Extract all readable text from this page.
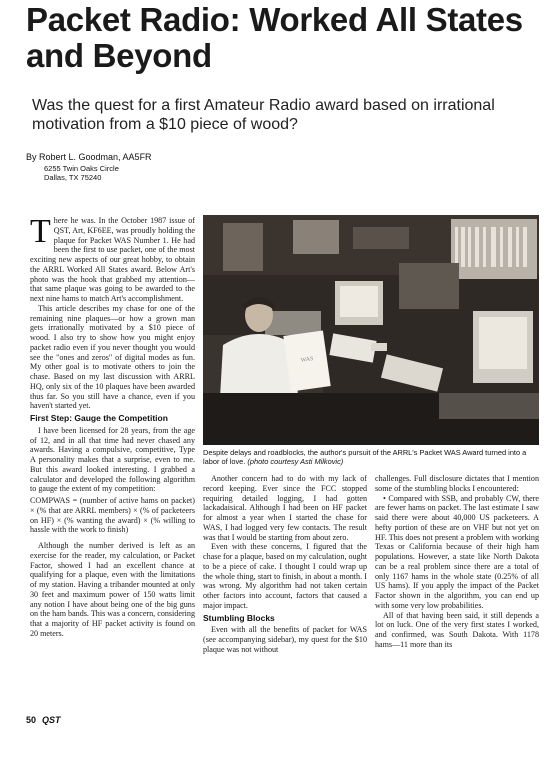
Packet Radio: Worked All States and Beyond
Was the quest for a first Amateur Radio award based on irrational motivation from a $10 piece of wood?
By Robert L. Goodman, AA5FR
6255 Twin Oaks Circle
Dallas, TX 75240

There he was. In the October 1987 issue of QST, Art, KF6EE, was proudly holding the plaque for Packet WAS Number 1. He had been the first to use packet, one of the most exciting new aspects of our great hobby, to obtain the ARRL Worked All States award. Below Art's photo was the hook that grabbed my attention—that same plaque was going to be awarded to the next nine hams to match Art's accomplishment.

This article describes my chase for one of the remaining nine plaques—or how a grown man gets irrationally motivated by a $10 piece of wood. I also try to show how you might enjoy packet radio even if you never thought you would see the "ones and zeros" of digital modes as fun. My other goal is to motivate others to join the chase. Based on my last discussion with ARRL HQ, only six of the 10 plaques have been awarded thus far. So you still have a chance, even if you haven't started yet.

First Step: Gauge the Competition

I have been licensed for 28 years, from the age of 12, and in all that time had never chased any awards. Having a compulsive, competitive, Type A personality makes that a surprise, even to me. But this award looked interesting. I grabbed a calculator and developed the following algorithm to gauge the extent of my competition:

COMPWAS = (number of active hams on packet) × (% that are ARRL members) × (% of packeteers on HF) × (% wanting the award) × (% willing to hassle with the work to finish)

Although the number derived is left as an exercise for the reader, my calculation, or Packet Factor, showed I had an excellent chance at qualifying for a plaque, even with the limitations of my station. Having a tribander mounted at only 30 feet and maximum power of 150 watts limit any notion I have about being one of the big guns on the ham bands. This was a concern, considering that a majority of HF packet activity is found on 20 meters.

WAS
Despite delays and roadblocks, the author's pursuit of the ARRL's Packet WAS Award turned into a labor of love. (photo courtesy Asti Milkovic)

Another concern had to do with my lack of record keeping. Ever since the FCC stopped requiring detailed logging, I had gotten lackadaisical. Although I had been on HF packet for almost a year when I started the chase for WAS, I had logged very few contacts. The result was that I would be starting from about zero.

Even with these concerns, I figured that the chase for a plaque, based on my calculation, ought to be a piece of cake. I thought I could wrap up the whole thing, start to finish, in about a month. I was wrong. My algorithm had not taken certain other factors into account, factors that caused a major impact.

Stumbling Blocks

Even with all the benefits of packet for WAS (see accompanying sidebar), my quest for the $10 plaque was not without

challenges. Full disclosure dictates that I mention some of the stumbling blocks I encountered:

• Compared with SSB, and probably CW, there are fewer hams on packet. The last estimate I saw said there were about 40,000 US packeteers. A hefty portion of these are on VHF but not yet on HF. This does not present a problem with working Texas or California because of their high ham populations. However, a state like North Dakota can be a real problem since there are a total of only 1167 hams in the whole state (0.25% of all US hams). If you apply the impact of the Packet Factor shown in the algorithm, you can end up with some very low probabilities.

All of that having been said, it still depends a lot on luck. One of the very first states I worked, and confirmed, was South Dakota. With 1178 hams—11 more than its

50 QST
